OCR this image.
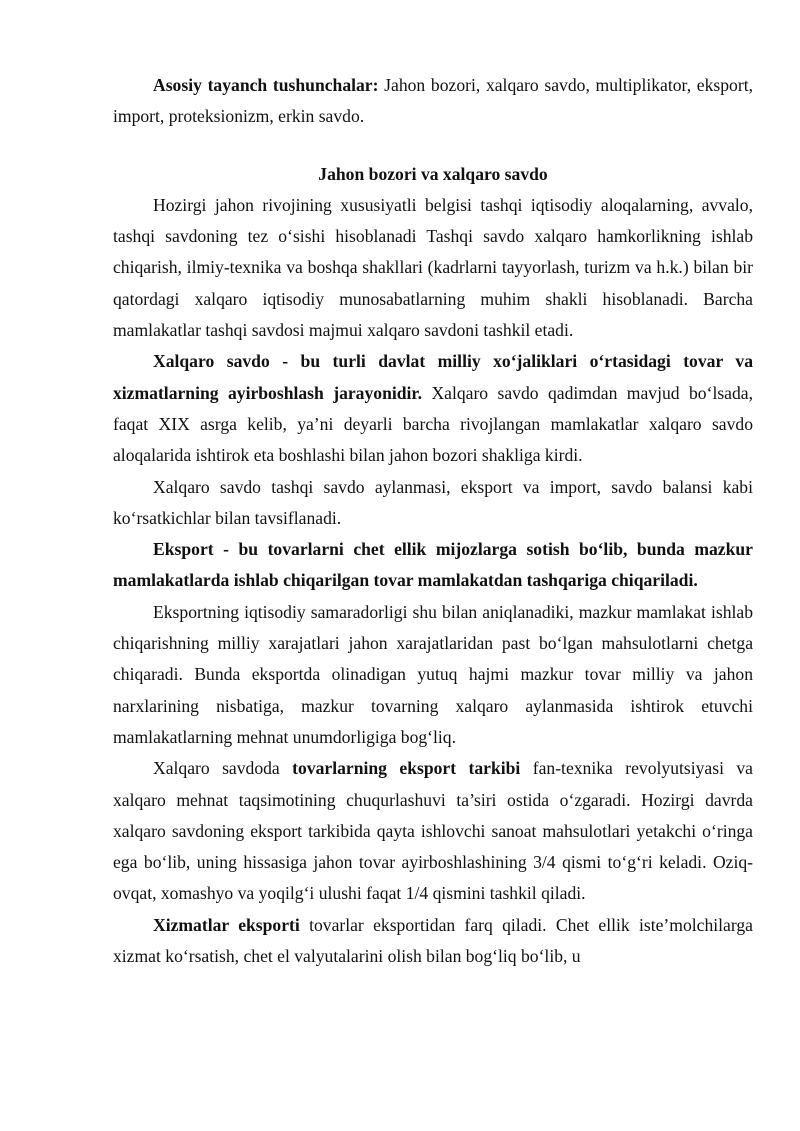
Asosiy tayanch tushunchalar: Jahon bozori, xalqaro savdo, multiplikator, eksport, import, proteksionizm, erkin savdo.

Jahon bozori va xalqaro savdo

Hozirgi jahon rivojining xususiyatli belgisi tashqi iqtisodiy aloqalarning, avvalo, tashqi savdoning tez o‘sishi hisoblanadi Tashqi savdo xalqaro hamkorlikning ishlab chiqarish, ilmiy-texnika va boshqa shakllari (kadrlarni tayyorlash, turizm va h.k.) bilan bir qatordagi xalqaro iqtisodiy munosabatlarning muhim shakli hisoblanadi. Barcha mamlakatlar tashqi savdosi majmui xalqaro savdoni tashkil etadi.

Xalqaro savdo - bu turli davlat milliy xo‘jaliklari o‘rtasidagi tovar va xizmatlarning ayirboshlash jarayonidir. Xalqaro savdo qadimdan mavjud bo‘lsada, faqat XIX asrga kelib, ya’ni deyarli barcha rivojlangan mamlakatlar xalqaro savdo aloqalarida ishtirok eta boshlashi bilan jahon bozori shakliga kirdi.

Xalqaro savdo tashqi savdo aylanmasi, eksport va import, savdo balansi kabi ko‘rsatkichlar bilan tavsiflanadi.

Eksport - bu tovarlarni chet ellik mijozlarga sotish bo‘lib, bunda mazkur mamlakatlarda ishlab chiqarilgan tovar mamlakatdan tashqariga chiqariladi.

Eksportning iqtisodiy samaradorligi shu bilan aniqlanadiki, mazkur mamlakat ishlab chiqarishning milliy xarajatlari jahon xarajatlaridan past bo‘lgan mahsulotlarni chetga chiqaradi. Bunda eksportda olinadigan yutuq hajmi mazkur tovar milliy va jahon narxlarining nisbatiga, mazkur tovarning xalqaro aylanmasida ishtirok etuvchi mamlakatlarning mehnat unumdorligiga bog‘liq.

Xalqaro savdoda tovarlarning eksport tarkibi fan-texnika revolyutsiyasi va xalqaro mehnat taqsimotining chuqurlashuvi ta’siri ostida o‘zgaradi. Hozirgi davrda xalqaro savdoning eksport tarkibida qayta ishlovchi sanoat mahsulotlari yetakchi o‘ringa ega bo‘lib, uning hissasiga jahon tovar ayirboshlashining 3/4 qismi to‘g‘ri keladi. Oziq-ovqat, xomashyo va yoqilg‘i ulushi faqat 1/4 qismini tashkil qiladi.

Xizmatlar eksporti tovarlar eksportidan farq qiladi. Chet ellik iste’molchilarga xizmat ko‘rsatish, chet el valyutalarini olish bilan bog‘liq bo‘lib, u
